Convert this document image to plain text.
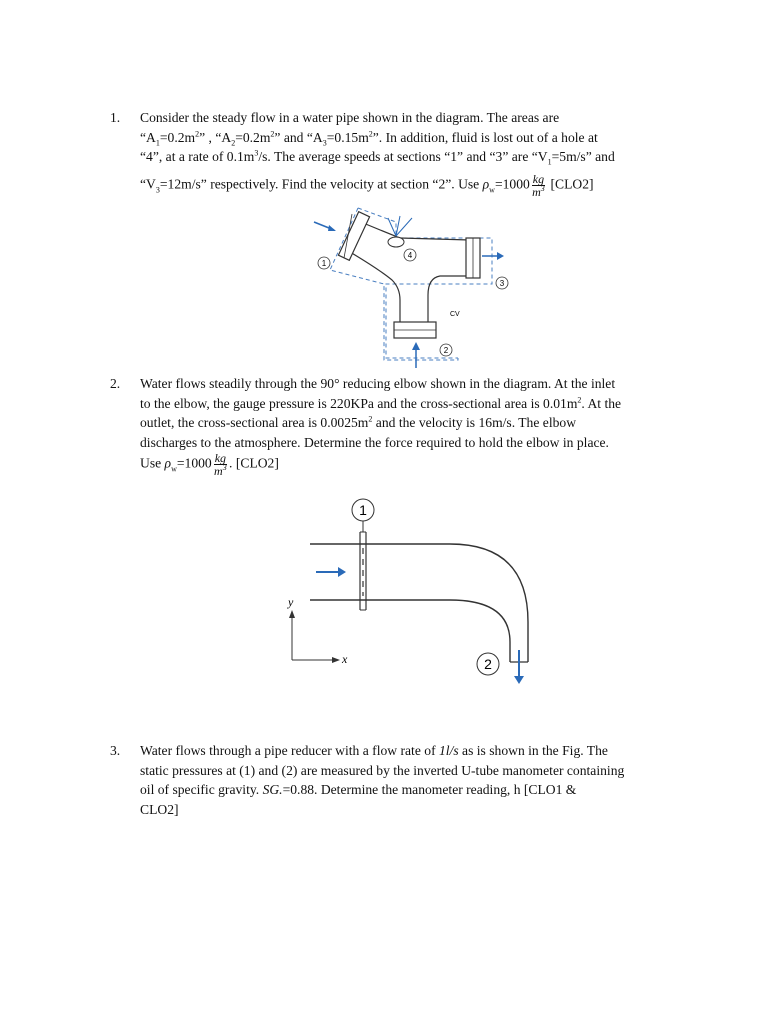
1. Consider the steady flow in a water pipe shown in the diagram. The areas are
“$A_1=0.2m^2$” , “$A_2=0.2m^2$” and “$A_3=0.15m^2$”. In addition, fluid is lost out of a hole at
“4”, at a rate of $0.1m^3/s$. The average speeds at sections “1” and “3” are “$V_1=5m/s$” and
“$V_3=12m/s$” respectively. Find the velocity at section “2”. Use $\rho_w=1000 \frac{kg}{m^3} [CLO2]$
1
4
3
2
CV
2. Water flows steadily through the 90° reducing elbow shown in the diagram. At the inlet
to the elbow, the gauge pressure is 220KPa and the cross-sectional area is $0.01m^2$. At the
outlet, the cross-sectional area is $0.0025m^2$ and the velocity is 16m/s. The elbow
discharges to the atmosphere. Determine the force required to hold the elbow in place.
Use $\rho_w=1000 \frac{kg}{m^3}$ . [CLO2]
1
2
y
x
3. Water flows through a pipe reducer with a flow rate of 1l/s as is shown in the Fig. The
static pressures at (1) and (2) are measured by the inverted U-tube manometer containing
oil of specific gravity. SG.=0.88. Determine the manometer reading, h [CLO1 &
CLO2]
